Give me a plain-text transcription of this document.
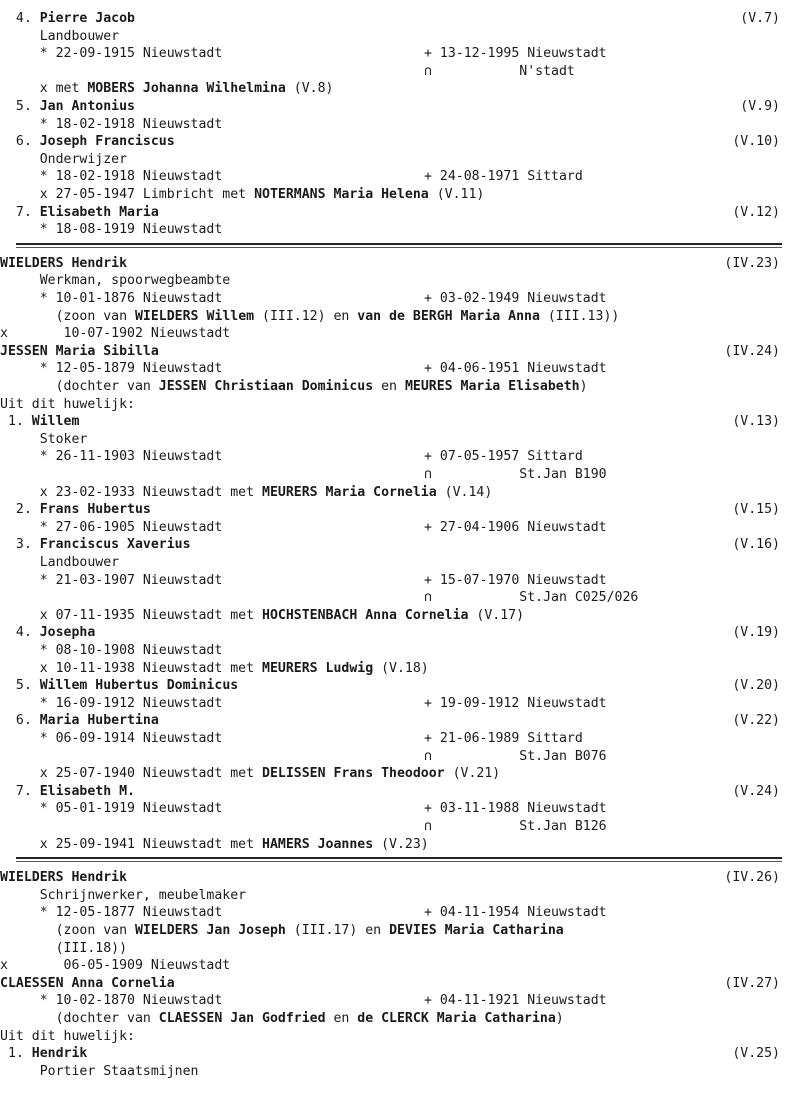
4. Pierre Jacob	(V.7)
Landbouwer
* 22-09-1915 Nieuwstadt	+ 13-12-1995 Nieuwstadt
∩           N'stadt
x met MOBERS Johanna Wilhelmina (V.8)
5. Jan Antonius	(V.9)
* 18-02-1918 Nieuwstadt
6. Joseph Franciscus	(V.10)
Onderwijzer
* 18-02-1918 Nieuwstadt	+ 24-08-1971 Sittard
x 27-05-1947 Limbricht met NOTERMANS Maria Helena (V.11)
7. Elisabeth Maria	(V.12)
* 18-08-1919 Nieuwstadt
WIELDERS Hendrik	(IV.23)
Werkman, spoorwegbeambte
* 10-01-1876 Nieuwstadt	+ 03-02-1949 Nieuwstadt
(zoon van WIELDERS Willem (III.12) en van de BERGH Maria Anna (III.13))
x       10-07-1902 Nieuwstadt
JESSEN Maria Sibilla	(IV.24)
* 12-05-1879 Nieuwstadt	+ 04-06-1951 Nieuwstadt
(dochter van JESSEN Christiaan Dominicus en MEURES Maria Elisabeth)
Uit dit huwelijk:
1. Willem	(V.13)
Stoker
* 26-11-1903 Nieuwstadt	+ 07-05-1957 Sittard
∩           St.Jan B190
x 23-02-1933 Nieuwstadt met MEURERS Maria Cornelia (V.14)
2. Frans Hubertus	(V.15)
* 27-06-1905 Nieuwstadt	+ 27-04-1906 Nieuwstadt
3. Franciscus Xaverius	(V.16)
Landbouwer
* 21-03-1907 Nieuwstadt	+ 15-07-1970 Nieuwstadt
∩           St.Jan C025/026
x 07-11-1935 Nieuwstadt met HOCHSTENBACH Anna Cornelia (V.17)
4. Josepha	(V.19)
* 08-10-1908 Nieuwstadt
x 10-11-1938 Nieuwstadt met MEURERS Ludwig (V.18)
5. Willem Hubertus Dominicus	(V.20)
* 16-09-1912 Nieuwstadt	+ 19-09-1912 Nieuwstadt
6. Maria Hubertina	(V.22)
* 06-09-1914 Nieuwstadt	+ 21-06-1989 Sittard
∩           St.Jan B076
x 25-07-1940 Nieuwstadt met DELISSEN Frans Theodoor (V.21)
7. Elisabeth M.	(V.24)
* 05-01-1919 Nieuwstadt	+ 03-11-1988 Nieuwstadt
∩           St.Jan B126
x 25-09-1941 Nieuwstadt met HAMERS Joannes (V.23)
WIELDERS Hendrik	(IV.26)
Schrijnwerker, meubelmaker
* 12-05-1877 Nieuwstadt	+ 04-11-1954 Nieuwstadt
(zoon van WIELDERS Jan Joseph (III.17) en DEVIES Maria Catharina
(III.18))
x       06-05-1909 Nieuwstadt
CLAESSEN Anna Cornelia	(IV.27)
* 10-02-1870 Nieuwstadt	+ 04-11-1921 Nieuwstadt
(dochter van CLAESSEN Jan Godfried en de CLERCK Maria Catharina)
Uit dit huwelijk:
1. Hendrik	(V.25)
Portier Staatsmijnen
